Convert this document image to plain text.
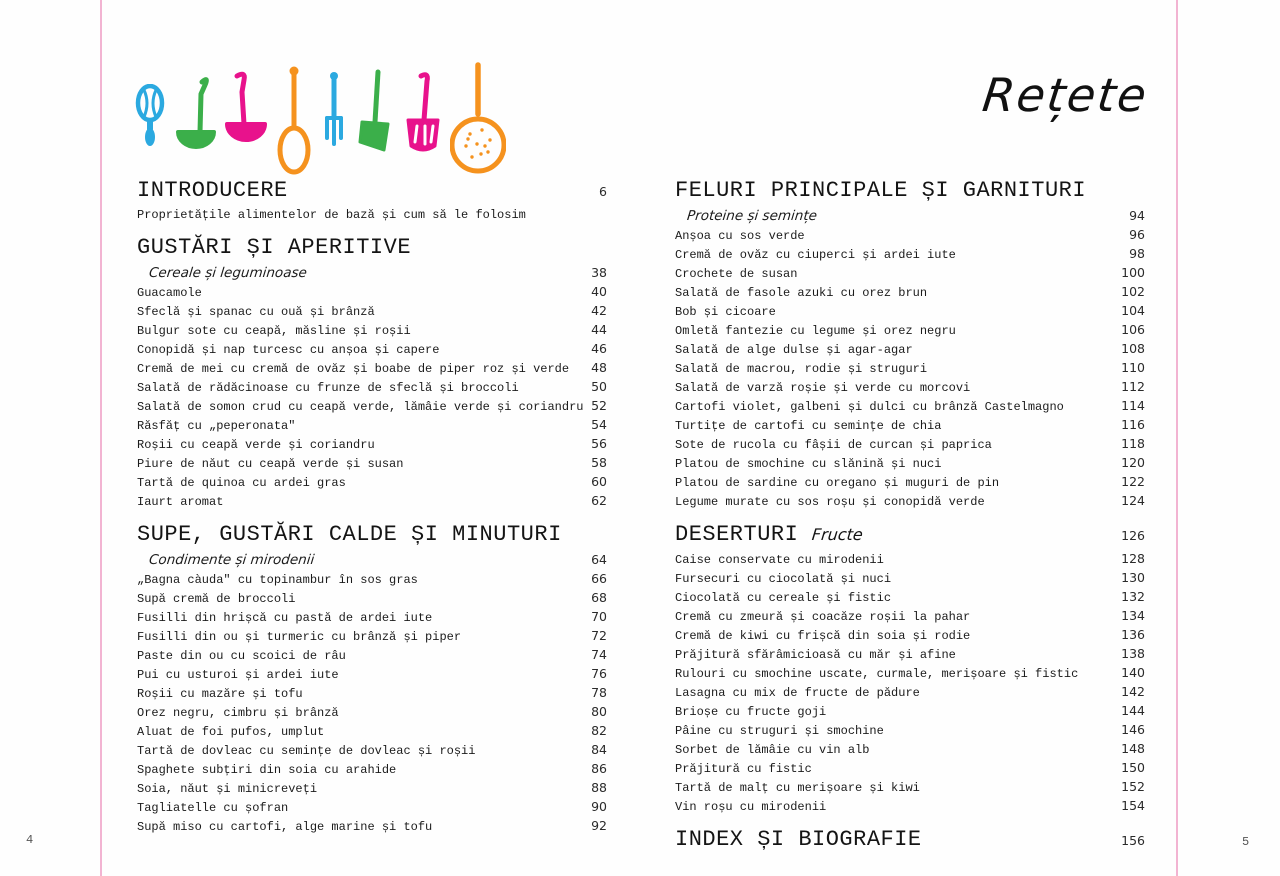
4	5
Rețete
INTRODUCERE	6
Proprietățile alimentelor de bază și cum să le folosim
GUSTĂRI ȘI APERITIVE
Cereale și leguminoase	38
Guacamole	40
Sfeclă și spanac cu ouă și brânză	42
Bulgur sote cu ceapă, măsline și roșii	44
Conopidă și nap turcesc cu anșoa și capere	46
Cremă de mei cu cremă de ovăz și boabe de piper roz și verde 48
Salată de rădăcinoase cu frunze de sfeclă și broccoli	50
Salată de somon crud cu ceapă verde, lămâie verde și coriandru 52
Răsfăț cu „peperonata"	54
Roșii cu ceapă verde și coriandru	56
Piure de năut cu ceapă verde și susan	58
Tartă de quinoa cu ardei gras	60
Iaurt aromat	62
SUPE, GUSTĂRI CALDE ȘI MINUTURI
Condimente și mirodenii	64
„Bagna càuda" cu topinambur în sos gras	66
Supă cremă de broccoli	68
Fusilli din hrișcă cu pastă de ardei iute	70
Fusilli din ou și turmeric cu brânză și piper	72
Paste din ou cu scoici de râu	74
Pui cu usturoi și ardei iute	76
Roșii cu mazăre și tofu	78
Orez negru, cimbru și brânză	80
Aluat de foi pufos, umplut	82
Tartă de dovleac cu semințe de dovleac și roșii	84
Spaghete subțiri din soia cu arahide	86
Soia, năut și minicreveți	88
Tagliatelle cu șofran	90
Supă miso cu cartofi, alge marine și tofu	92
FELURI PRINCIPALE ȘI GARNITURI
Proteine și semințe	94
Anșoa cu sos verde	96
Cremă de ovăz cu ciuperci și ardei iute	98
Crochete de susan	100
Salată de fasole azuki cu orez brun	102
Bob și cicoare	104
Omletă fantezie cu legume și orez negru	106
Salată de alge dulse și agar-agar	108
Salată de macrou, rodie și struguri	110
Salată de varză roșie și verde cu morcovi	112
Cartofi violet, galbeni și dulci cu brânză Castelmagno	114
Turtițe de cartofi cu semințe de chia	116
Sote de rucola cu fâșii de curcan și paprica	118
Platou de smochine cu slănină și nuci	120
Platou de sardine cu oregano și muguri de pin	122
Legume murate cu sos roșu și conopidă verde	124
DESERTURI Fructe	126
Caise conservate cu mirodenii	128
Fursecuri cu ciocolată și nuci	130
Ciocolată cu cereale și fistic	132
Cremă cu zmeură și coacăze roșii la pahar	134
Cremă de kiwi cu frișcă din soia și rodie	136
Prăjitură sfărâmicioasă cu măr și afine	138
Rulouri cu smochine uscate, curmale, merișoare și fistic	140
Lasagna cu mix de fructe de pădure	142
Brioșe cu fructe goji	144
Pâine cu struguri și smochine	146
Sorbet de lămâie cu vin alb	148
Prăjitură cu fistic	150
Tartă de malț cu merișoare și kiwi	152
Vin roșu cu mirodenii	154
INDEX ȘI BIOGRAFIE	156
